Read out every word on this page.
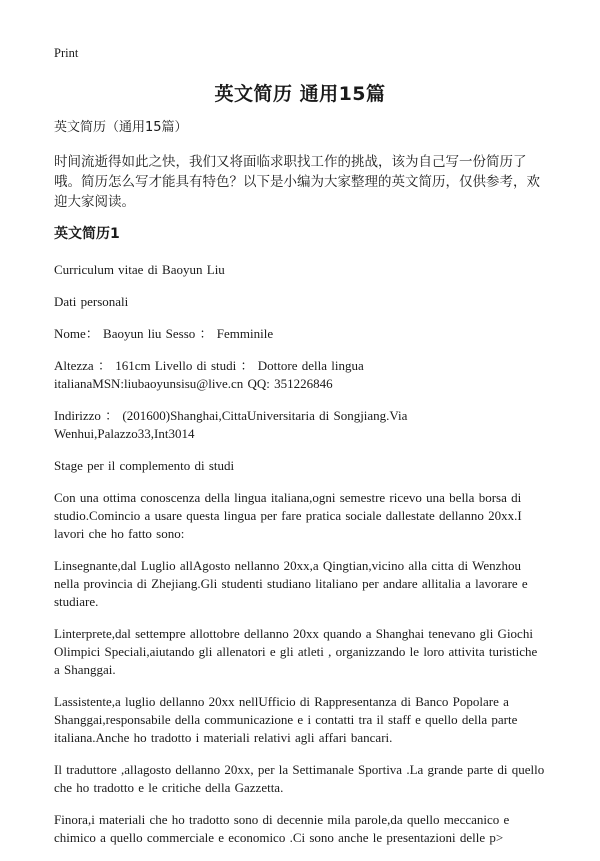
Print
英文简历 通用15篇

英文简历（通用15篇）

时间流逝得如此之快，我们又将面临求职找工作的挑战，该为自己写一份简历了哦。简历怎么写才能具有特色？以下是小编为大家整理的英文简历，仅供参考，欢迎大家阅读。

英文简历1

Curriculum vitae di Baoyun Liu

Dati personali

Nome： Baoyun liu Sesso ： Femminile

Altezza ： 161cm Livello di studi ： Dottore della lingua italianaMSN:liubaoyunsisu@live.cn QQ: 351226846

Indirizzo ： (201600)Shanghai,CittaUniversitaria di Songjiang.Via Wenhui,Palazzo33,Int3014

Stage per il complemento di studi

Con una ottima conoscenza della lingua italiana,ogni semestre ricevo una bella borsa di studio.Comincio a usare questa lingua per fare pratica sociale dallestate dellanno 20xx.I lavori che ho fatto sono:

Linsegnante,dal Luglio allAgosto nellanno 20xx,a Qingtian,vicino alla citta di Wenzhou nella provincia di Zhejiang.Gli studenti studiano litaliano per andare allitalia a lavorare e studiare.

Linterprete,dal settempre allottobre dellanno 20xx quando a Shanghai tenevano gli Giochi Olimpici Speciali,aiutando gli allenatori e gli atleti , organizzando le loro attivita turistiche a Shanggai.

Lassistente,a luglio dellanno 20xx nellUfficio di Rappresentanza di Banco Popolare a Shanggai,responsabile della communicazione e i contatti tra il staff e quello della parte italiana.Anche ho tradotto i materiali relativi agli affari bancari.

Il traduttore ,allagosto dellanno 20xx, per la Settimanale Sportiva .La grande parte di quello che ho tradotto e le critiche della Gazzetta.

Finora,i materiali che ho tradotto sono di decennie mila parole,da quello meccanico e chimico a quello commerciale e economico .Ci sono anche le presentazioni delle p>
